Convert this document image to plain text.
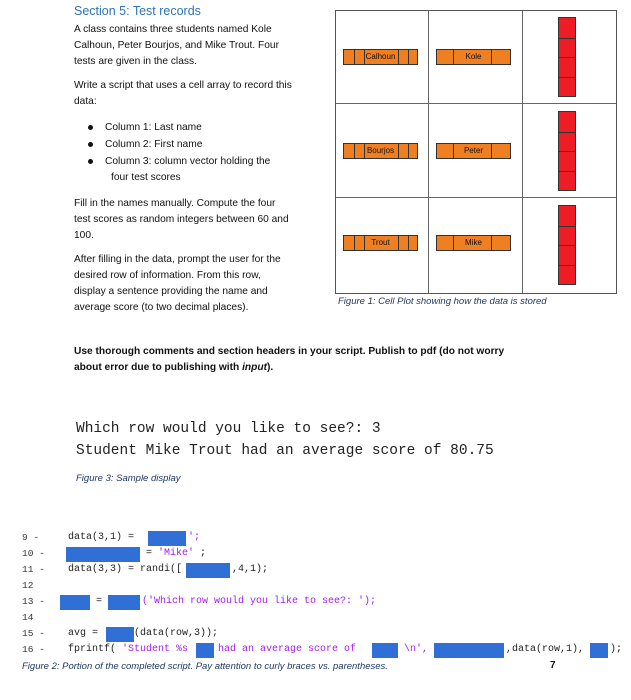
Section 5: Test records
A class contains three students named Kole
Calhoun, Peter Bourjos, and Mike Trout. Four
tests are given in the class.
Write a script that uses a cell array to record this
data:
Column 1: Last name
Column 2: First name
Column 3: column vector holding the
four test scores
Fill in the names manually. Compute the four
test scores as random integers between 60 and
100.
After filling in the data, prompt the user for the
desired row of information. From this row,
display a sentence providing the name and
average score (to two decimal places).
Calhoun	Kole
Bourjos	Peter
Trout	Mike
Figure 1: Cell Plot showing how the data is stored
Use thorough comments and section headers in your script. Publish to pdf (do not worry
about error due to publishing with input).
Which row would you like to see?: 3
Student Mike Trout had an average score of 80.75
Figure 3: Sample display
9 -
10 -
11 -
12
13 -
14
15 -
16 -
data(3,1) =	';
= 'Mike' ;
data(3,3) = randi([	,4,1);
=	('Which row would you like to see?: ');
avg =	(data(row,3));
fprintf( 'Student %s	had an average score of	\n',	,data(row,1),	);
Figure 2: Portion of the completed script. Pay attention to curly braces vs. parentheses.	7
